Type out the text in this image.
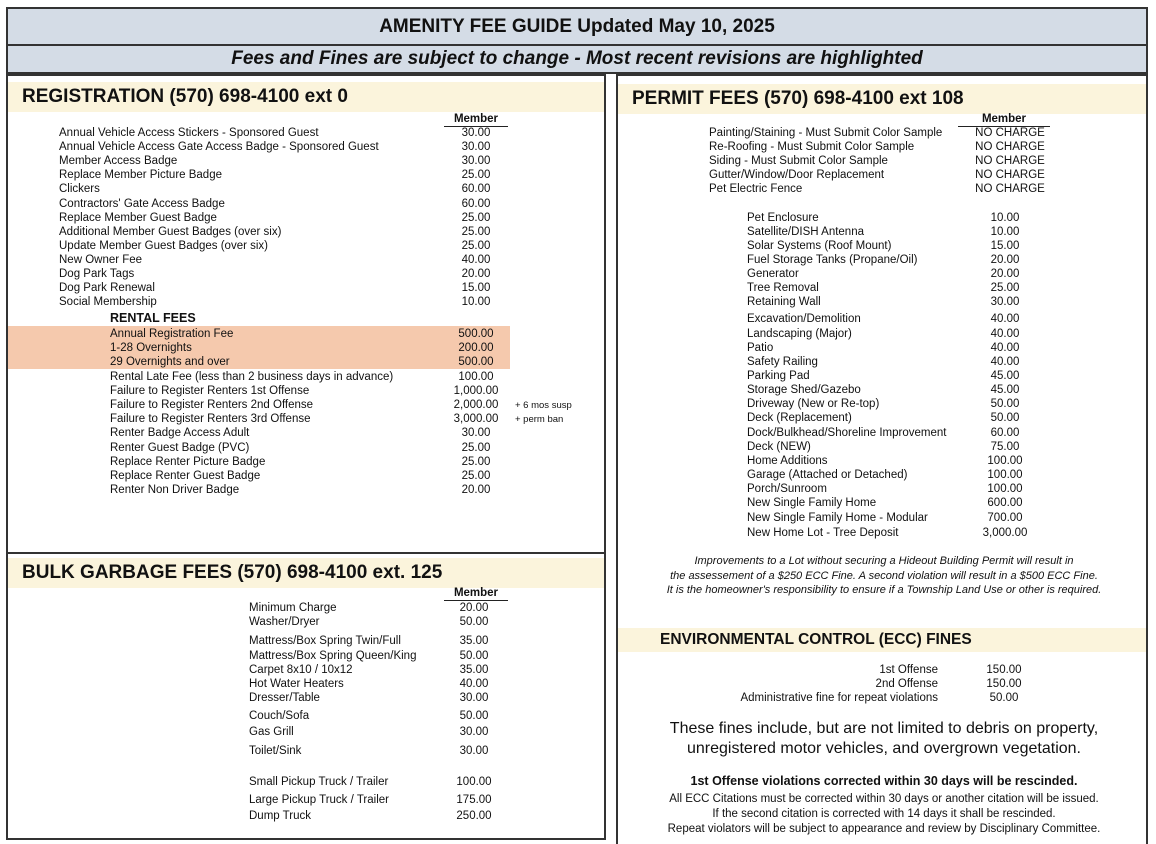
AMENITY FEE GUIDE Updated May 10, 2025
Fees and Fines are subject to change - Most recent revisions are highlighted
REGISTRATION (570) 698-4100 ext 0
Member
Annual Vehicle Access Stickers - Sponsored Guest	30.00
Annual Vehicle Access Gate Access Badge - Sponsored Guest	30.00
Member Access Badge	30.00
Replace Member Picture Badge	25.00
Clickers	60.00
Contractors' Gate Access Badge	60.00
Replace Member Guest Badge	25.00
Additional Member Guest Badges (over six)	25.00
Update Member Guest Badges (over six)	25.00
New Owner Fee	40.00
Dog Park Tags	20.00
Dog Park Renewal	15.00
Social Membership	10.00
RENTAL FEES
Annual Registration Fee	500.00
1-28 Overnights	200.00
29 Overnights and over	500.00
Rental Late Fee (less than 2 business days in advance)	100.00
Failure to Register Renters 1st Offense	1,000.00
Failure to Register Renters 2nd Offense	2,000.00	+ 6 mos susp
Failure to Register Renters 3rd Offense	3,000.00	+ perm ban
Renter Badge Access Adult	30.00
Renter Guest Badge (PVC)	25.00
Replace Renter Picture Badge	25.00
Replace Renter Guest Badge	25.00
Renter Non Driver Badge	20.00
BULK GARBAGE FEES (570) 698-4100 ext. 125
Member
Minimum Charge	20.00
Washer/Dryer	50.00
Mattress/Box Spring Twin/Full	35.00
Mattress/Box Spring Queen/King	50.00
Carpet 8x10 / 10x12	35.00
Hot Water Heaters	40.00
Dresser/Table	30.00
Couch/Sofa	50.00
Gas Grill	30.00
Toilet/Sink	30.00
Small Pickup Truck / Trailer	100.00
Large Pickup Truck / Trailer	175.00
Dump Truck	250.00
PERMIT FEES (570) 698-4100 ext 108
Member
Painting/Staining - Must Submit Color Sample	NO CHARGE
Re-Roofing - Must Submit Color Sample	NO CHARGE
Siding - Must Submit Color Sample	NO CHARGE
Gutter/Window/Door Replacement	NO CHARGE
Pet Electric Fence	NO CHARGE
Pet Enclosure	10.00
Satellite/DISH Antenna	10.00
Solar Systems (Roof Mount)	15.00
Fuel Storage Tanks (Propane/Oil)	20.00
Generator	20.00
Tree Removal	25.00
Retaining Wall	30.00
Excavation/Demolition	40.00
Landscaping (Major)	40.00
Patio	40.00
Safety Railing	40.00
Parking Pad	45.00
Storage Shed/Gazebo	45.00
Driveway (New or Re-top)	50.00
Deck (Replacement)	50.00
Dock/Bulkhead/Shoreline Improvement	60.00
Deck (NEW)	75.00
Home Additions	100.00
Garage (Attached or Detached)	100.00
Porch/Sunroom	100.00
New Single Family Home	600.00
New Single Family Home - Modular	700.00
New Home Lot - Tree Deposit	3,000.00
Improvements to a Lot without securing a Hideout Building Permit will result in
the assessement of a $250 ECC Fine. A second violation will result in a $500 ECC Fine.
It is the homeowner's responsibility to ensure if a Township Land Use or other is required.
ENVIRONMENTAL CONTROL (ECC) FINES
1st Offense	150.00
2nd Offense	150.00
Administrative fine for repeat violations	50.00
These fines include, but are not limited to debris on property,
unregistered motor vehicles, and overgrown vegetation.
1st Offense violations corrected within 30 days will be rescinded.
All ECC Citations must be corrected within 30 days or another citation will be issued.
If the second citation is corrected with 14 days it shall be rescinded.
Repeat violators will be subject to appearance and review by Disciplinary Committee.
